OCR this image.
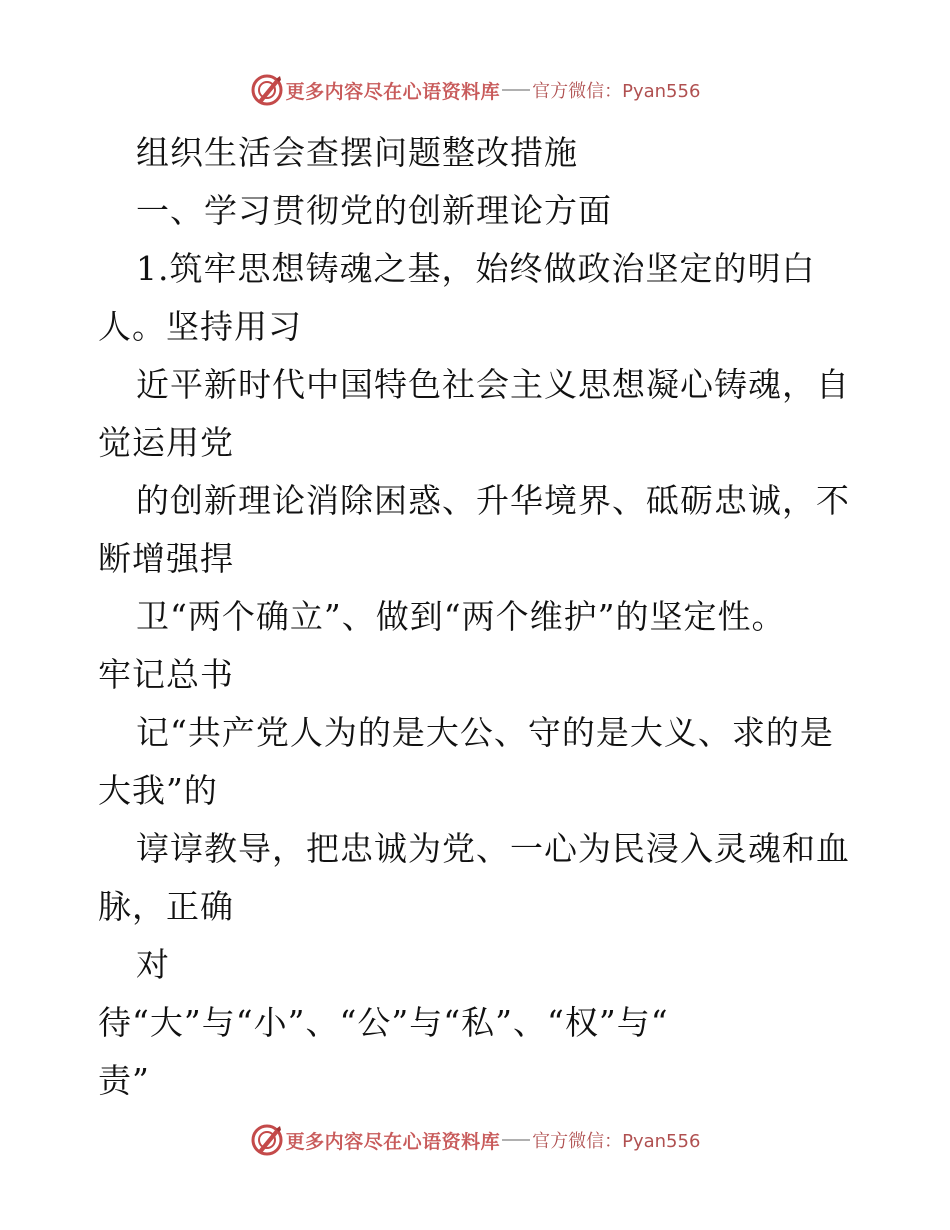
更多内容尽在心语资料库 官方微信：Pyan556
组织生活会查摆问题整改措施
一、学习贯彻党的创新理论方面
1.筑牢思想铸魂之基，始终做政治坚定的明白
人。坚持用习
近平新时代中国特色社会主义思想凝心铸魂，自
觉运用党
的创新理论消除困惑、升华境界、砥砺忠诚，不
断增强捍
卫“两个确立”、做到“两个维护”的坚定性。
牢记总书
记“共产党人为的是大公、守的是大义、求的是
大我”的
谆谆教导，把忠诚为党、一心为民浸入灵魂和血
脉，正确
对
待“大”与“小”、“公”与“私”、“权”与“
责”
更多内容尽在心语资料库 官方微信：Pyan556
